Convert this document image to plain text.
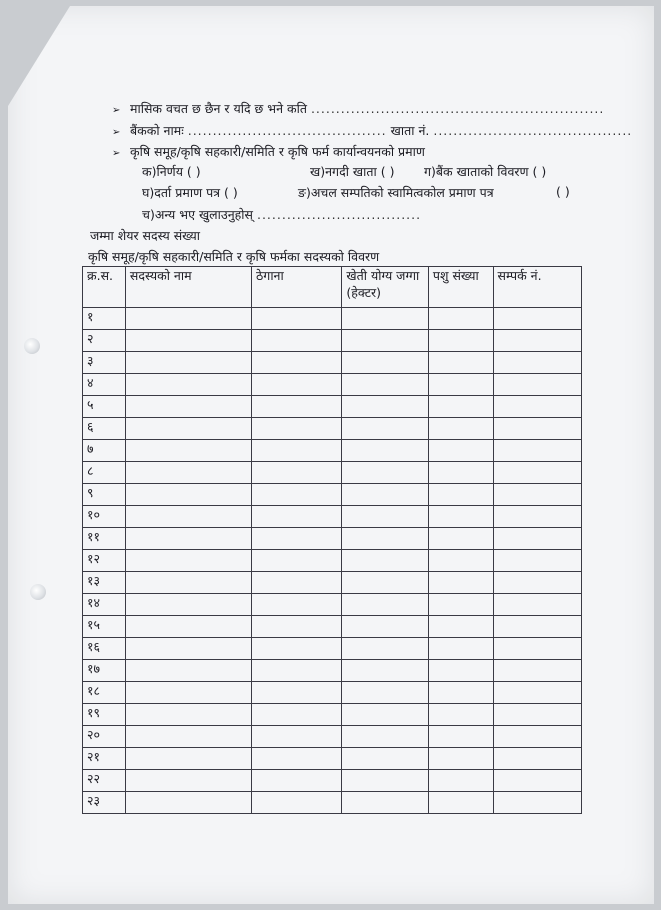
➢ मासिक वचत छ छैन र यदि छ भने कति ...........................................................
➢ बैंकको नामः ........................................ खाता नं. ........................................
➢ कृषि समूह/कृषि सहकारी/समिति र कृषि फर्म कार्यान्वयनको प्रमाण
क)निर्णय ( )	ख)नगदी खाता ( ) ग)बैंक खाताको विवरण ( )
घ)दर्ता प्रमाण पत्र ( )	ङ)अचल सम्पतिको स्वामित्वकोल प्रमाण पत्र	( )
च)अन्य भए खुलाउनुहोस् .................................
जम्मा शेयर सदस्य संख्या
कृषि समूह/कृषि सहकारी/समिति र कृषि फर्मका सदस्यको विवरण
क्र.स.	सदस्यको नाम	ठेगाना	खेती योग्य जग्गा (हेक्टर)	पशु संख्या	सम्पर्क नं.
१					
२					
३					
४					
५					
६					
७					
८					
९					
१०					
११					
१२					
१३					
१४					
१५					
१६					
१७					
१८					
१९					
२०					
२१					
२२					
२३					
